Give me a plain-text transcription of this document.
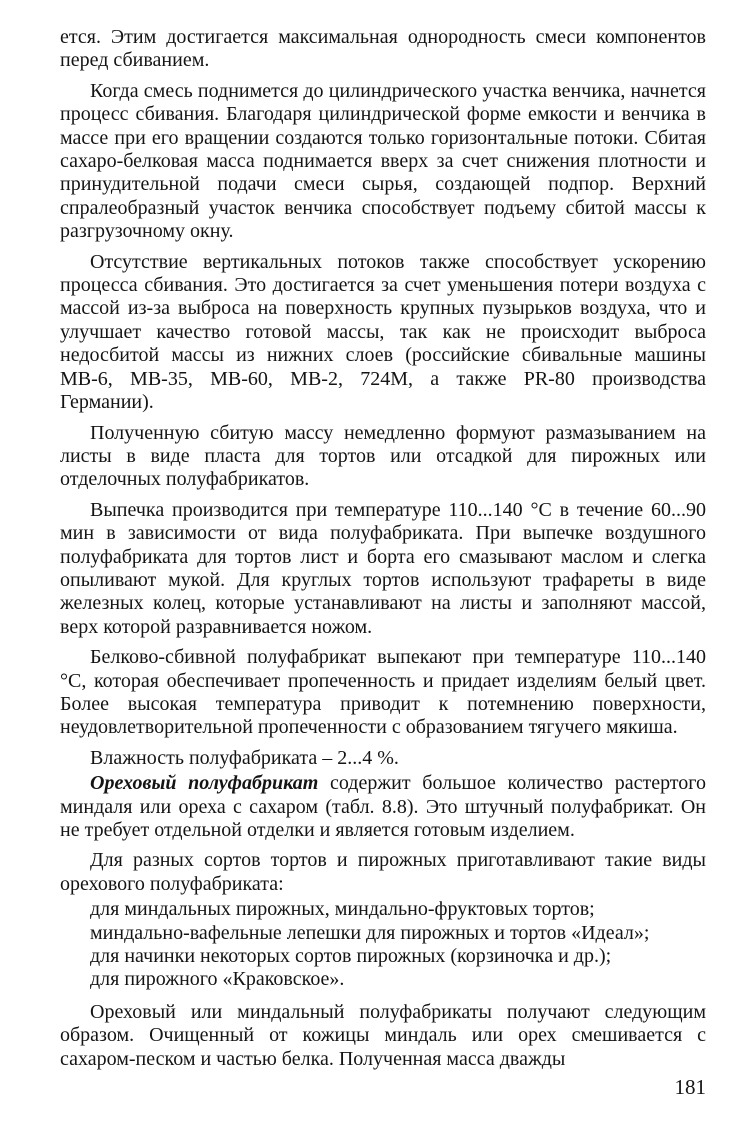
ется. Этим достигается максимальная однородность смеси компонентов перед сбиванием.

Когда смесь поднимется до цилиндрического участка венчика, начнется процесс сбивания. Благодаря цилиндрической форме емкости и венчика в массе при его вращении создаются только горизонтальные потоки. Сбитая сахаро-белковая масса поднимается вверх за счет снижения плотности и принудительной подачи смеси сырья, создающей подпор. Верхний спралеобразный участок венчика способствует подъему сбитой массы к разгрузочному окну.

Отсутствие вертикальных потоков также способствует ускорению процесса сбивания. Это достигается за счет уменьшения потери воздуха с массой из-за выброса на поверхность крупных пузырьков воздуха, что и улучшает качество готовой массы, так как не происходит выброса недосбитой массы из нижних слоев (российские сбивальные машины МВ-6, МВ-35, МВ-60, МВ-2, 724М, а также PR-80 производства Германии).

Полученную сбитую массу немедленно формуют размазыванием на листы в виде пласта для тортов или отсадкой для пирожных или отделочных полуфабрикатов.

Выпечка производится при температуре 110...140 °С в течение 60...90 мин в зависимости от вида полуфабриката. При выпечке воздушного полуфабриката для тортов лист и борта его смазывают маслом и слегка опыливают мукой. Для круглых тортов используют трафареты в виде железных колец, которые устанавливают на листы и заполняют массой, верх которой разравнивается ножом.

Белково-сбивной полуфабрикат выпекают при температуре 110...140 °С, которая обеспечивает пропеченность и придает изделиям белый цвет. Более высокая температура приводит к потемнению поверхности, неудовлетворительной пропеченности с образованием тягучего мякиша.

Влажность полуфабриката – 2...4 %.

Ореховый полуфабрикат содержит большое количество растертого миндаля или ореха с сахаром (табл. 8.8). Это штучный полуфабрикат. Он не требует отдельной отделки и является готовым изделием.

Для разных сортов тортов и пирожных приготавливают такие виды орехового полуфабриката:

для миндальных пирожных, миндально-фруктовых тортов;
миндально-вафельные лепешки для пирожных и тортов «Идеал»;
для начинки некоторых сортов пирожных (корзиночка и др.);
для пирожного «Краковское».

Ореховый или миндальный полуфабрикаты получают следующим образом. Очищенный от кожицы миндаль или орех смешивается с сахаром-песком и частью белка. Полученная масса дважды

181
